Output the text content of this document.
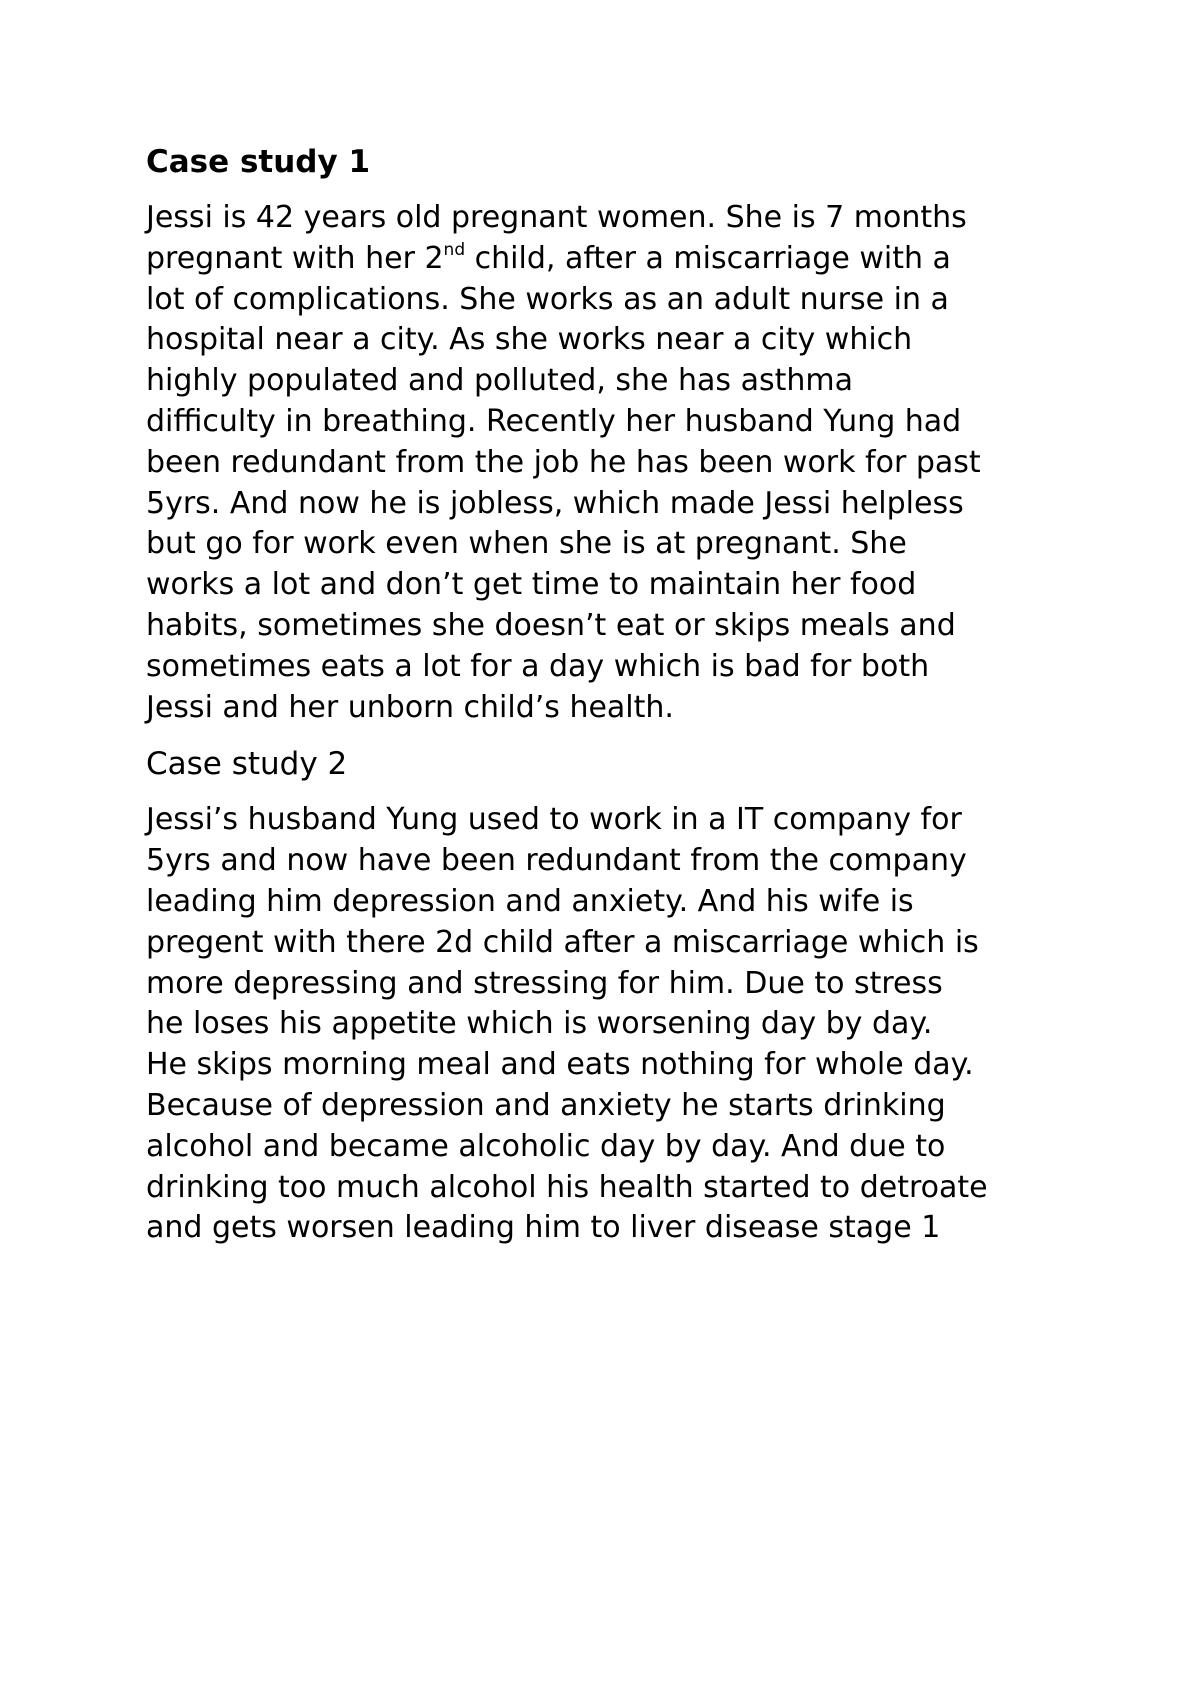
Case study 1

Jessi is 42 years old pregnant women. She is 7 months
pregnant with her 2nd child, after a miscarriage with a
lot of complications. She works as an adult nurse in a
hospital near a city. As she works near a city which
highly populated and polluted, she has asthma
difficulty in breathing. Recently her husband Yung had
been redundant from the job he has been work for past
5yrs. And now he is jobless, which made Jessi helpless
but go for work even when she is at pregnant. She
works a lot and don’t get time to maintain her food
habits, sometimes she doesn’t eat or skips meals and
sometimes eats a lot for a day which is bad for both
Jessi and her unborn child’s health.

Case study 2

Jessi’s husband Yung used to work in a IT company for
5yrs and now have been redundant from the company
leading him depression and anxiety. And his wife is
pregent with there 2d child after a miscarriage which is
more depressing and stressing for him. Due to stress
he loses his appetite which is worsening day by day.
He skips morning meal and eats nothing for whole day.
Because of depression and anxiety he starts drinking
alcohol and became alcoholic day by day. And due to
drinking too much alcohol his health started to detroate
and gets worsen leading him to liver disease stage 1
